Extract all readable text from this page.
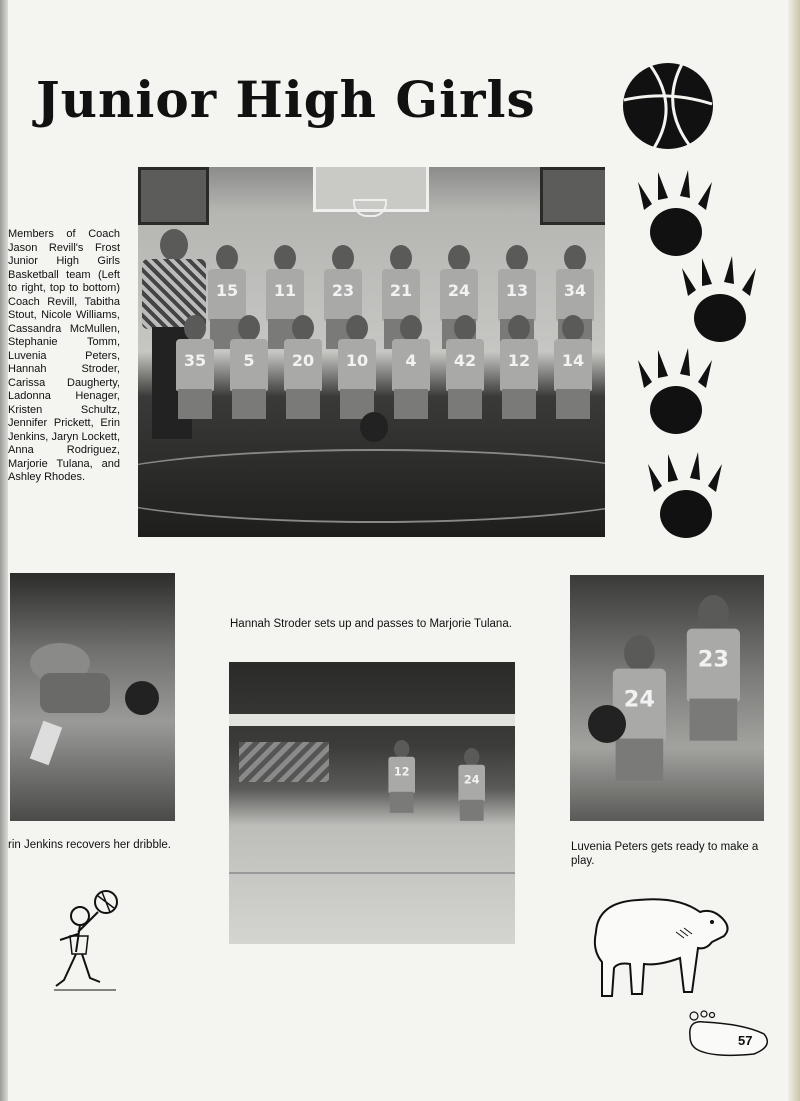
Junior High Girls
Members of Coach Jason Revill's Frost Junior High Girls Basketball team (Left to right, top to bottom) Coach Revill, Tabitha Stout, Nicole Williams, Cassandra McMullen, Stephanie Tomm, Luvenia Peters, Hannah Stroder, Carissa Daugherty, Ladonna Henager, Kristen Schultz, Jennifer Prickett, Erin Jenkins, Jaryn Lockett, Anna Rodriguez, Marjorie Tulana, and Ashley Rhodes.
15	11	23	21	24	13	34
35	5	20	10	4	42	12	14
rin Jenkins recovers her dribble.
Hannah Stroder sets up and passes to Marjorie Tulana.
12
24
24
23
Luvenia Peters gets ready to make a play.
57
